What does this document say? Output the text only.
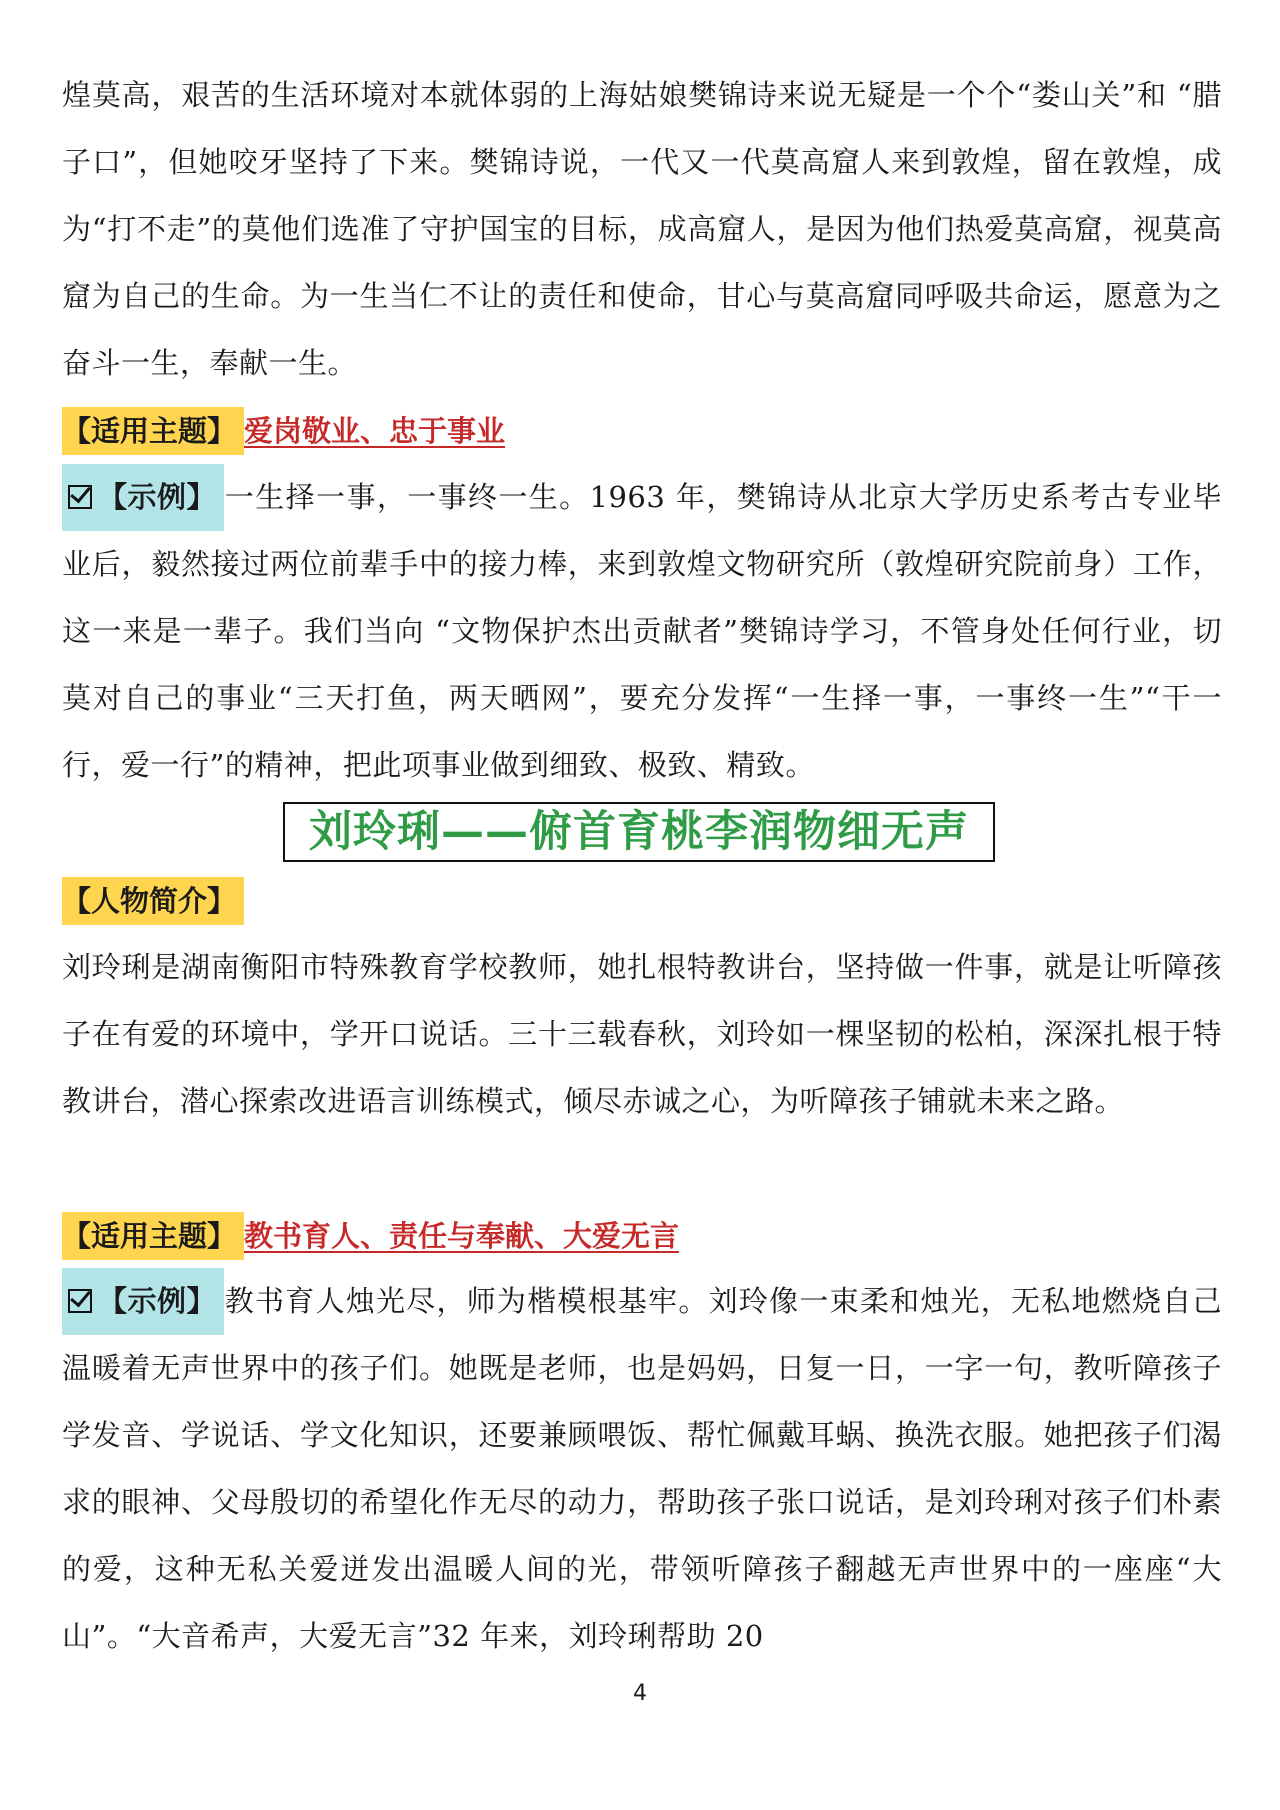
煌莫高，艰苦的生活环境对本就体弱的上海姑娘樊锦诗来说无疑是一个个“娄山关”和 “腊子口”，但她咬牙坚持了下来。樊锦诗说，一代又一代莫高窟人来到敦煌，留在敦煌，成为“打不走”的莫他们选准了守护国宝的目标，成高窟人，是因为他们热爱莫高窟，视莫高窟为自己的生命。为一生当仁不让的责任和使命，甘心与莫高窟同呼吸共命运，愿意为之奋斗一生，奉献一生。
【适用主题】 爱岗敬业、忠于事业
【示例】 一生择一事，一事终一生。1963 年，樊锦诗从北京大学历史系考古专业毕业后，毅然接过两位前辈手中的接力棒，来到敦煌文物研究所（敦煌研究院前身）工作，这一来是一辈子。我们当向 “文物保护杰出贡献者”樊锦诗学习，不管身处任何行业，切莫对自己的事业“三天打鱼，两天晒网”，要充分发挥“一生择一事，一事终一生”“干一行，爱一行”的精神，把此项事业做到细致、极致、精致。
刘玲琍——俯首育桃李润物细无声
【人物简介】
刘玲琍是湖南衡阳市特殊教育学校教师，她扎根特教讲台，坚持做一件事，就是让听障孩子在有爱的环境中，学开口说话。三十三载春秋，刘玲如一棵坚韧的松柏，深深扎根于特教讲台，潜心探索改进语言训练模式，倾尽赤诚之心，为听障孩子铺就未来之路。
【适用主题】 教书育人、责任与奉献、大爱无言
【示例】 教书育人烛光尽，师为楷模根基牢。刘玲像一束柔和烛光，无私地燃烧自己温暖着无声世界中的孩子们。她既是老师，也是妈妈，日复一日，一字一句，教听障孩子学发音、学说话、学文化知识，还要兼顾喂饭、帮忙佩戴耳蜗、换洗衣服。她把孩子们渴求的眼神、父母殷切的希望化作无尽的动力，帮助孩子张口说话，是刘玲琍对孩子们朴素的爱，这种无私关爱迸发出温暖人间的光，带领听障孩子翻越无声世界中的一座座“大山”。“大音希声，大爱无言”32 年来，刘玲琍帮助 20
4
